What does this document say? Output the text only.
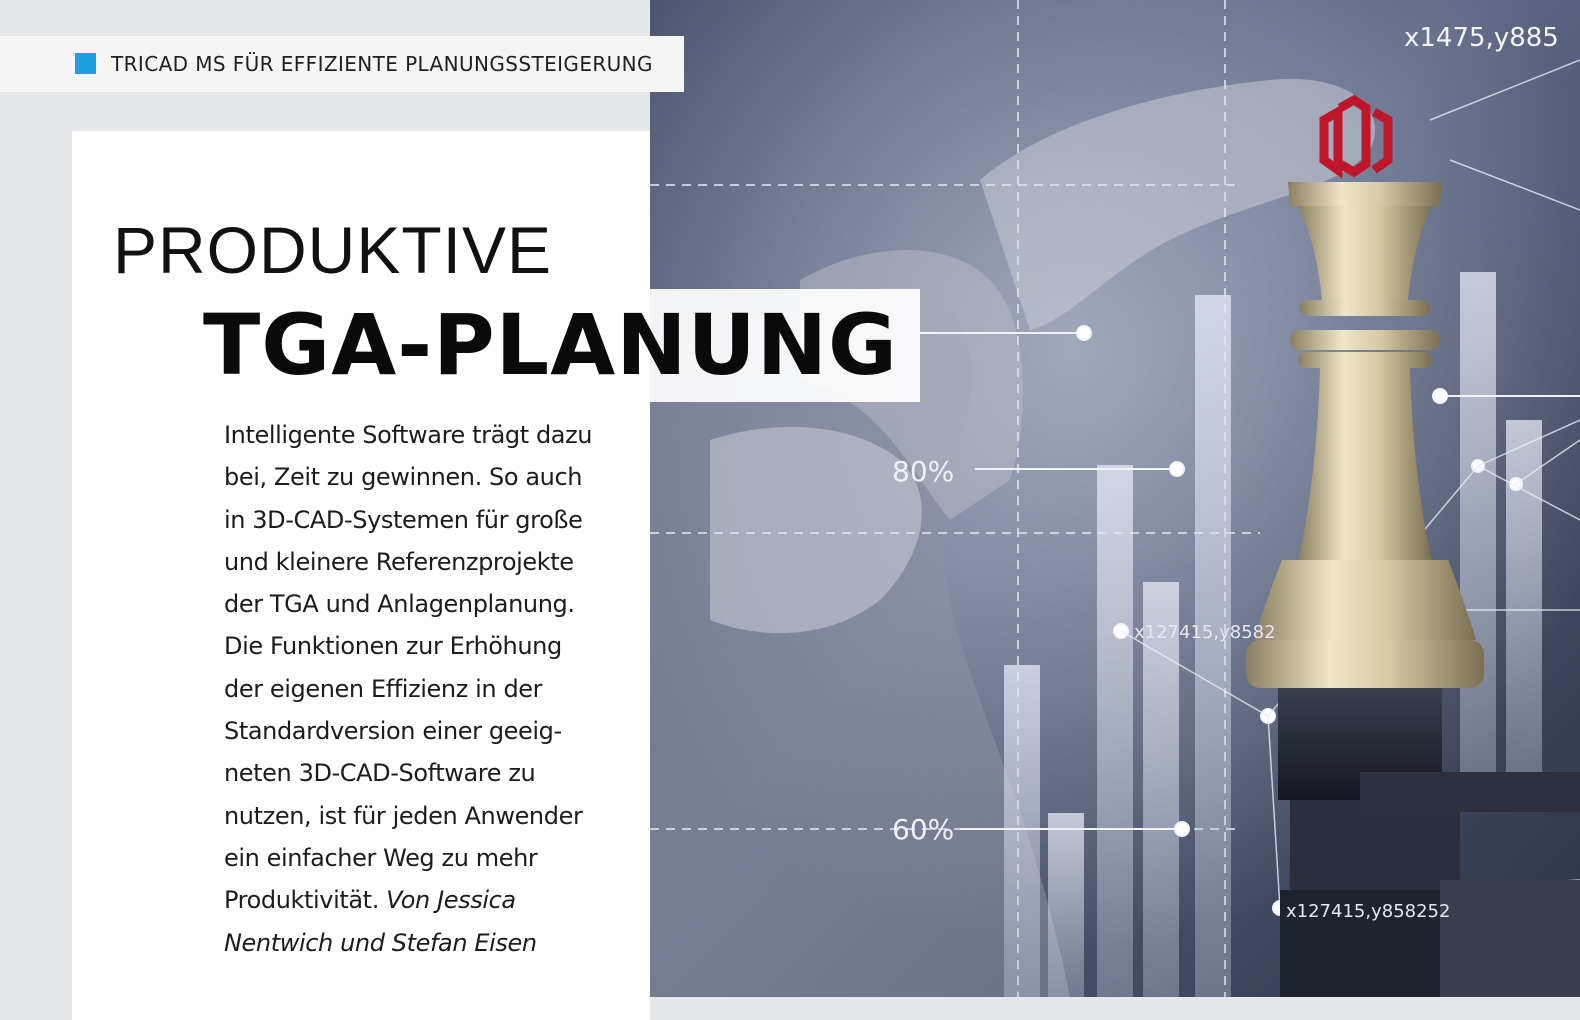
80%
60%
x1475,y885
x127415,y8582
x127415,y858252
TRICAD MS FÜR EFFIZIENTE PLANUNGSSTEIGERUNG
PRODUKTIVE
TGA-PLANUNG
Intelligente Software trägt dazu
bei, Zeit zu gewinnen. So auch
in 3D-CAD-Systemen für große
und kleinere Referenzprojekte
der TGA und Anlagenplanung.
Die Funktionen zur Erhöhung
der eigenen Effizienz in der
Standardversion einer geeig-
neten 3D-CAD-Software zu
nutzen, ist für jeden Anwender
ein einfacher Weg zu mehr
Produktivität. Von Jessica
Nentwich und Stefan Eisen
